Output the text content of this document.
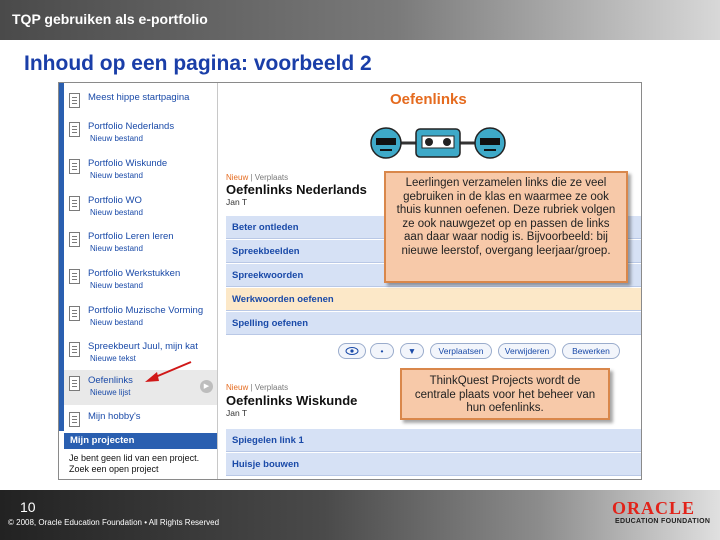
TQP gebruiken als e-portfolio
Inhoud op een pagina: voorbeeld 2
Meest hippe startpagina
Portfolio Nederlands
Nieuw bestand
Portfolio Wiskunde
Nieuw bestand
Portfolio WO
Nieuw bestand
Portfolio Leren leren
Nieuw bestand
Portfolio Werkstukken
Nieuw bestand
Portfolio Muzische Vorming
Nieuw bestand
Spreekbeurt Juul, mijn kat
Nieuwe tekst
Oefenlinks
Nieuwe lijst
▶
Mijn hobby's
Mijn projecten
Je bent geen lid van een project. Zoek een open project
Oefenlinks
Nieuw | Verplaats
Oefenlinks Nederlands
Jan T
Beter ontleden
Spreekbeelden
Spreekwoorden
Werkwoorden oefenen
Spelling oefenen
•	▼	Verplaatsen	Verwijderen	Bewerken
Nieuw | Verplaats
Oefenlinks Wiskunde
Jan T
Spiegelen link 1
Huisje bouwen
Leerlingen verzamelen links die ze veel gebruiken in de klas en waarmee ze ook thuis kunnen oefenen. Deze rubriek volgen ze ook nauwgezet op en passen de links aan daar waar nodig is. Bijvoorbeeld: bij nieuwe leerstof, overgang leerjaar/groep.
ThinkQuest Projects wordt de centrale plaats voor het beheer van hun oefenlinks.
10
© 2008, Oracle Education Foundation • All Rights Reserved
ORACLE
EDUCATION FOUNDATION
